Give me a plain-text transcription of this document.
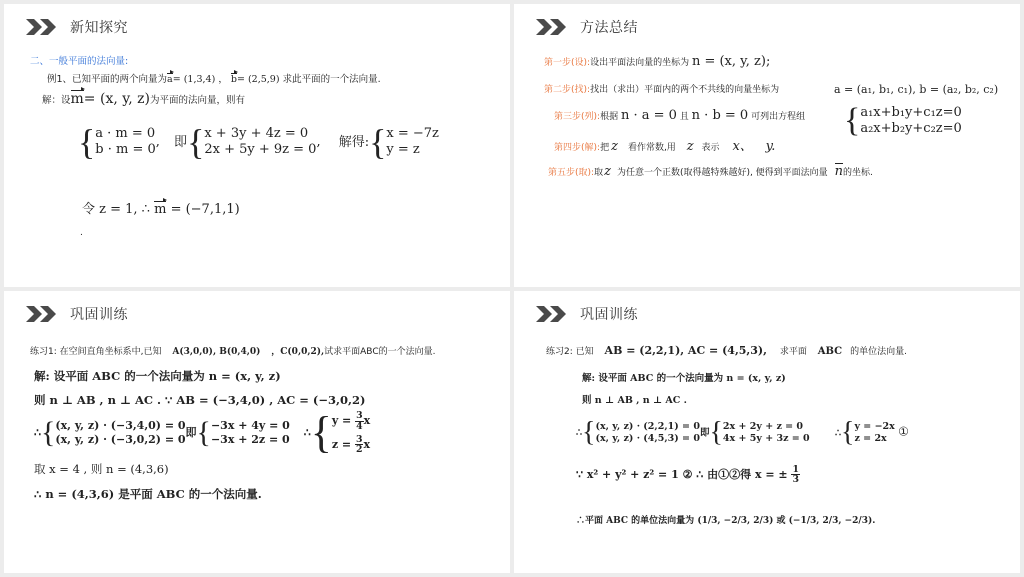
新知探究
二、一般平面的法向量:
例1、已知平面的两个向量为a= (1,3,4) ， b= (2,5,9) 求此平面的一个法向量.
解：设m= (x, y, z)为平面的法向量，则有
{ a · m = 0
b · m = 0 , 即{ x + 3y + 4z = 0
2x + 5y + 9z = 0 , 解得:{ x = −7z
y = z
令 z = 1, ∴ m = (−7,1,1)
.
方法总结
第一步(设):设出平面法向量的坐标为 n = (x, y, z);
第二步(找):找出（求出）平面内的两个不共线的向量坐标为	a = (a₁, b₁, c₁), b = (a₂, b₂, c₂)
第三步(列):根据 n · a = 0 且 n · b = 0 可列出方程组 { a₁x+b₁y+c₁z=0
a₂x+b₂y+c₂z=0
第四步(解):把 z 看作常数,用 z 表示 x、 y.
第五步(取):取z 为任意一个正数(取得越特殊越好), 便得到平面法向量 n的坐标.
巩固训练
练习1: 在空间直角坐标系中,已知 A(3,0,0), B(0,4,0) ，C(0,0,2),试求平面ABC的一个法向量.
解: 设平面 ABC 的一个法向量为 n = (x, y, z)
则 n ⊥ AB , n ⊥ AC . ∵ AB = (−3,4,0) , AC = (−3,0,2)
∴{ (x, y, z) · (−3,4,0) = 0
(x, y, z) · (−3,0,2) = 0
即{ −3x + 4y = 0
−3x + 2z = 0
∴{ $y = \frac{3}{4}$ x
$z = \frac{3}{2}$ x
取 x = 4 , 则 n = (4,3,6)
∴ n = (4,3,6) 是平面 ABC 的一个法向量.
巩固训练
练习2: 已知 AB = (2,2,1), AC = (4,5,3), 求平面 ABC 的单位法向量.
解: 设平面 ABC 的一个法向量为 n = (x, y, z)
则 n ⊥ AB , n ⊥ AC .
∴{ (x, y, z) · (2,2,1) = 0
(x, y, z) · (4,5,3) = 0 即{ 2x + 2y + z = 0
4x + 5y + 3z = 0	∴{ y = −2x
z = 2x ①
∵ x² + y² + z² = 1 ② ∴ 由①②得 x = ± $\frac{1}{3}$
∴平面 ABC 的单位法向量为 (1/3, −2/3, 2/3) 或 (−1/3, 2/3, −2/3).
